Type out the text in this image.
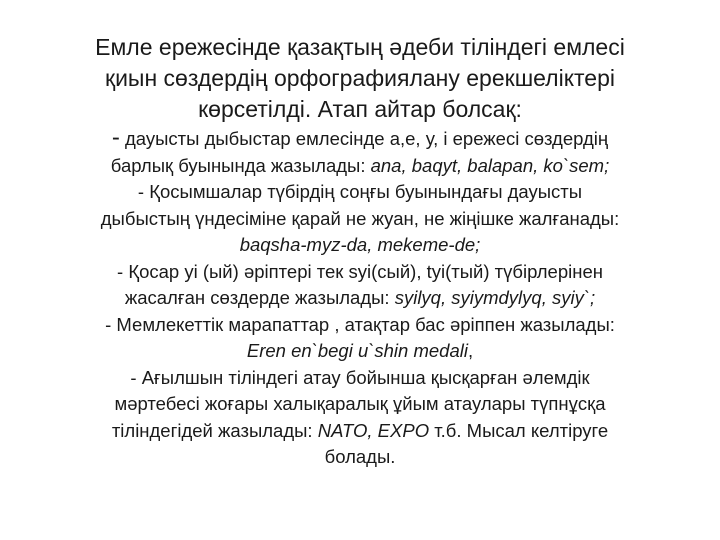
Емле ережесінде қазақтың әдеби тіліндегі емлесі
қиын сөздердің орфографиялану ерекшеліктері
көрсетілді. Атап айтар болсақ:

- дауысты дыбыстар емлесінде а,е, у, і ережесі сөздердің
барлық буынында жазылады: ana, baqyt, balapan, ko`sem;

- Қосымшалар түбірдің соңғы буынындағы дауысты
дыбыстың үндесіміне қарай не жуан, не жіңішке жалғанады:
baqsha-myz-da, mekeme-de;

- Қосар уі (ый) әріптері тек syі(сый), tyі(тый) түбірлерінен
жасалған сөздерде жазылады: syilyq, syiymdylyq, syiy`;

- Мемлекеттік марапаттар , атақтар бас әріппен жазылады:
Eren en`begi u`shin medali,

- Ағылшын тіліндегі атау бойынша қысқарған әлемдік
мәртебесі жоғары халықаралық ұйым атаулары түпнұсқа
тіліндегідей жазылады: NATO, EXPO т.б. Мысал келтіруге
болады.
